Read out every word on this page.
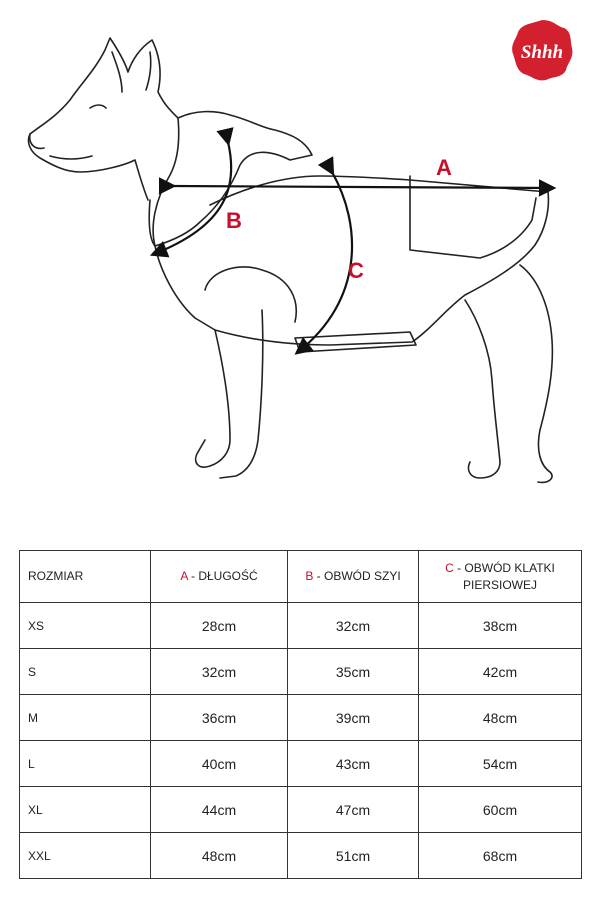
A
B
C
Shhh
ROZMIAR	A - DŁUGOŚĆ	B - OBWÓD SZYI	C - OBWÓD KLATKI PIERSIOWEJ
XS	28cm	32cm	38cm
S	32cm	35cm	42cm
M	36cm	39cm	48cm
L	40cm	43cm	54cm
XL	44cm	47cm	60cm
XXL	48cm	51cm	68cm
